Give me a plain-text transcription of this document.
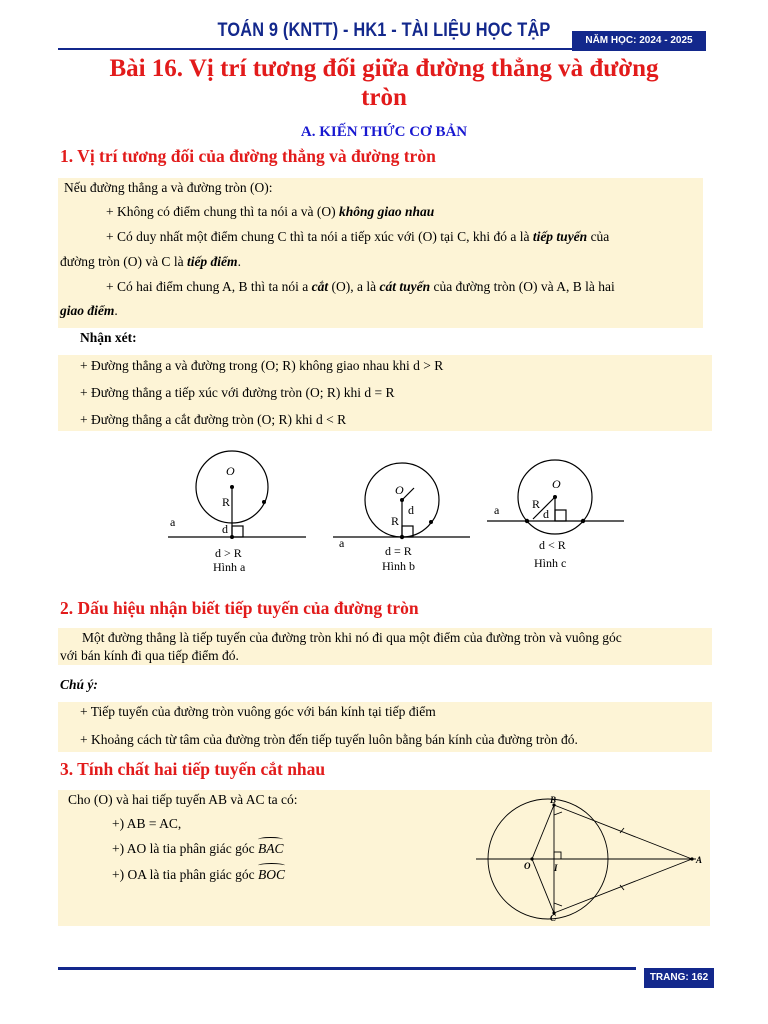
TOÁN 9 (KNTT) - HK1 - TÀI LIỆU HỌC TẬP	NĂM HỌC: 2024 - 2025
Bài 16. Vị trí tương đối giữa đường thẳng và đường
tròn
A. KIẾN THỨC CƠ BẢN
1. Vị trí tương đối của đường thẳng và đường tròn
Nếu đường thẳng a và đường tròn (O):
+ Không có điểm chung thì ta nói a và (O) không giao nhau
+ Có duy nhất một điểm chung C thì ta nói a tiếp xúc với (O) tại C, khi đó a là tiếp tuyến của
đường tròn (O) và C là tiếp điểm.
+ Có hai điểm chung A, B thì ta nói a cắt (O), a là cát tuyến của đường tròn (O) và A, B là hai
giao điểm.
Nhận xét:
+ Đường thẳng a và đường trong (O; R) không giao nhau khi d > R
+ Đường thẳng a tiếp xúc với đường tròn (O; R) khi d = R
+ Đường thẳng a cắt đường tròn (O; R) khi d < R
O
R
d
a
d > R
Hình a
O
R
d
a
d = R
Hình b
O
R
d
a
d < R
Hình c
2. Dấu hiệu nhận biết tiếp tuyến của đường tròn
Một đường thẳng là tiếp tuyến của đường tròn khi nó đi qua một điểm của đường tròn và vuông góc
với bán kính đi qua tiếp điểm đó.
Chú ý:
+ Tiếp tuyến của đường tròn vuông góc với bán kính tại tiếp điểm
+ Khoảng cách từ tâm của đường tròn đến tiếp tuyến luôn bằng bán kính của đường tròn đó.
3. Tính chất hai tiếp tuyến cắt nhau
Cho (O) và hai tiếp tuyến AB và AC ta có:
+) AB = AC,
+) AO là tia phân giác góc
BAC
+) OA là tia phân giác góc
BOC
B
C
O	I
A
TRANG: 162
